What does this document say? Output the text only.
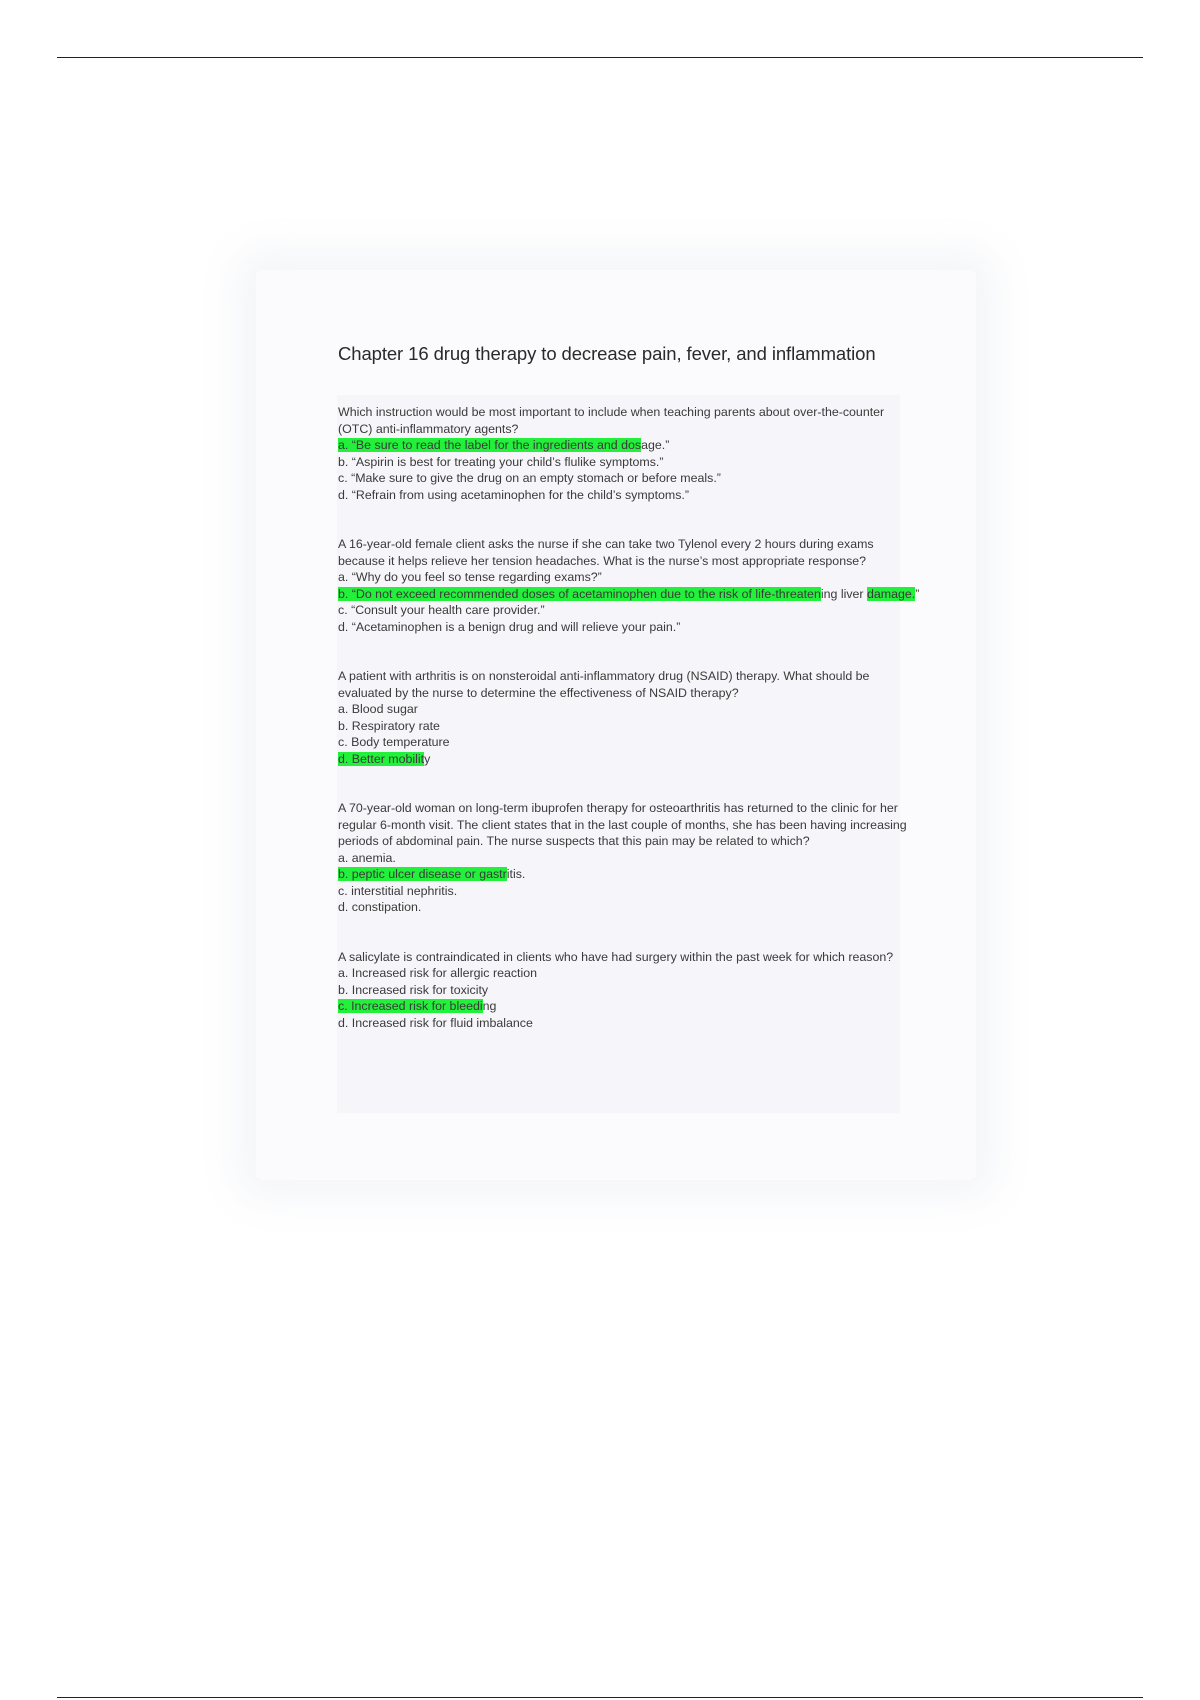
Chapter 16 drug therapy to decrease pain, fever, and inflammation

Which instruction would be most important to include when teaching parents about over-the-counter (OTC) anti-inflammatory agents?

a. “Be sure to read the label for the ingredients and dosage.”

b. “Aspirin is best for treating your child’s flulike symptoms.”

c. “Make sure to give the drug on an empty stomach or before meals.”

d. “Refrain from using acetaminophen for the child’s symptoms.”

A 16-year-old female client asks the nurse if she can take two Tylenol every 2 hours during exams because it helps relieve her tension headaches. What is the nurse’s most appropriate response?

a. “Why do you feel so tense regarding exams?”

b. “Do not exceed recommended doses of acetaminophen due to the risk of life-threatening liver damage.”

c. “Consult your health care provider.”

d. “Acetaminophen is a benign drug and will relieve your pain.”

A patient with arthritis is on nonsteroidal anti-inflammatory drug (NSAID) therapy. What should be evaluated by the nurse to determine the effectiveness of NSAID therapy?

a. Blood sugar

b. Respiratory rate

c. Body temperature

d. Better mobility

A 70-year-old woman on long-term ibuprofen therapy for osteoarthritis has returned to the clinic for her regular 6-month visit. The client states that in the last couple of months, she has been having increasing periods of abdominal pain. The nurse suspects that this pain may be related to which?

a. anemia.

b. peptic ulcer disease or gastritis.

c. interstitial nephritis.

d. constipation.

A salicylate is contraindicated in clients who have had surgery within the past week for which reason?

a. Increased risk for allergic reaction

b. Increased risk for toxicity

c. Increased risk for bleeding

d. Increased risk for fluid imbalance
